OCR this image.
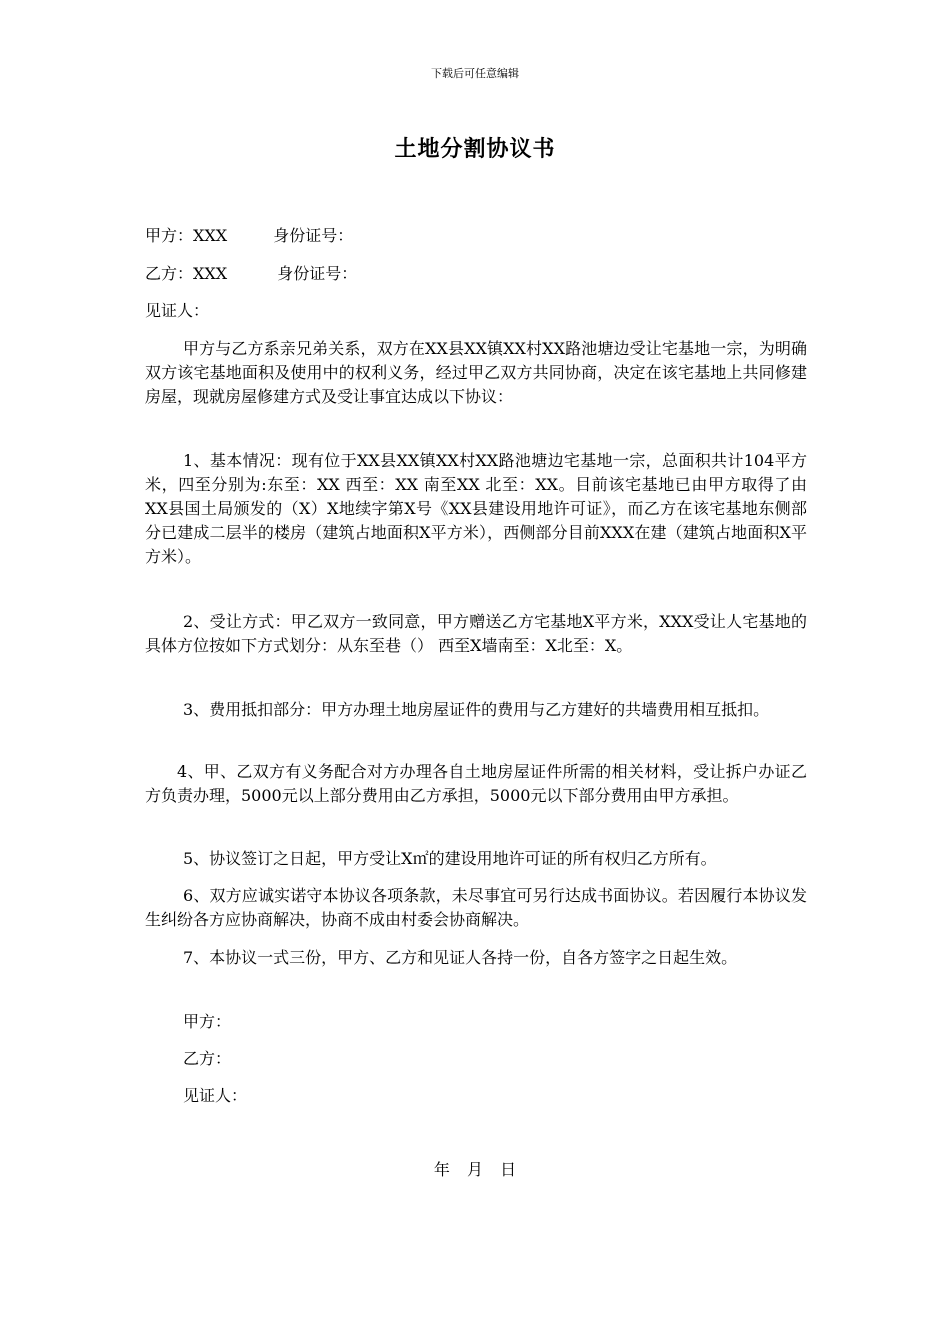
下载后可任意编辑
土地分割协议书
甲方：XXX	身份证号：
乙方：XXX	身份证号：
见证人：

甲方与乙方系亲兄弟关系，双方在XX县XX镇XX村XX路池塘边受让宅基地一宗，为明确双方该宅基地面积及使用中的权利义务，经过甲乙双方共同协商，决定在该宅基地上共同修建房屋，现就房屋修建方式及受让事宜达成以下协议：

1、基本情况：现有位于XX县XX镇XX村XX路池塘边宅基地一宗，总面积共计104平方米，四至分别为:东至：XX 西至：XX 南至XX 北至：XX。目前该宅基地已由甲方取得了由XX县国土局颁发的（X）X地续字第X号《XX县建设用地许可证》，而乙方在该宅基地东侧部分已建成二层半的楼房（建筑占地面积X平方米），西侧部分目前XXX在建（建筑占地面积X平方米）。

2、受让方式：甲乙双方一致同意，甲方赠送乙方宅基地X平方米，XXX受让人宅基地的具体方位按如下方式划分：从东至巷（） 西至X墙南至：X北至：X。

3、费用抵扣部分：甲方办理土地房屋证件的费用与乙方建好的共墙费用相互抵扣。

4、甲、乙双方有义务配合对方办理各自土地房屋证件所需的相关材料，受让拆户办证乙方负责办理，5000元以上部分费用由乙方承担，5000元以下部分费用由甲方承担。

5、协议签订之日起，甲方受让X㎡的建设用地许可证的所有权归乙方所有。

6、双方应诚实诺守本协议各项条款，未尽事宜可另行达成书面协议。若因履行本协议发生纠纷各方应协商解决，协商不成由村委会协商解决。

7、本协议一式三份，甲方、乙方和见证人各持一份，自各方签字之日起生效。

甲方：
乙方：
见证人：
年 月 日
